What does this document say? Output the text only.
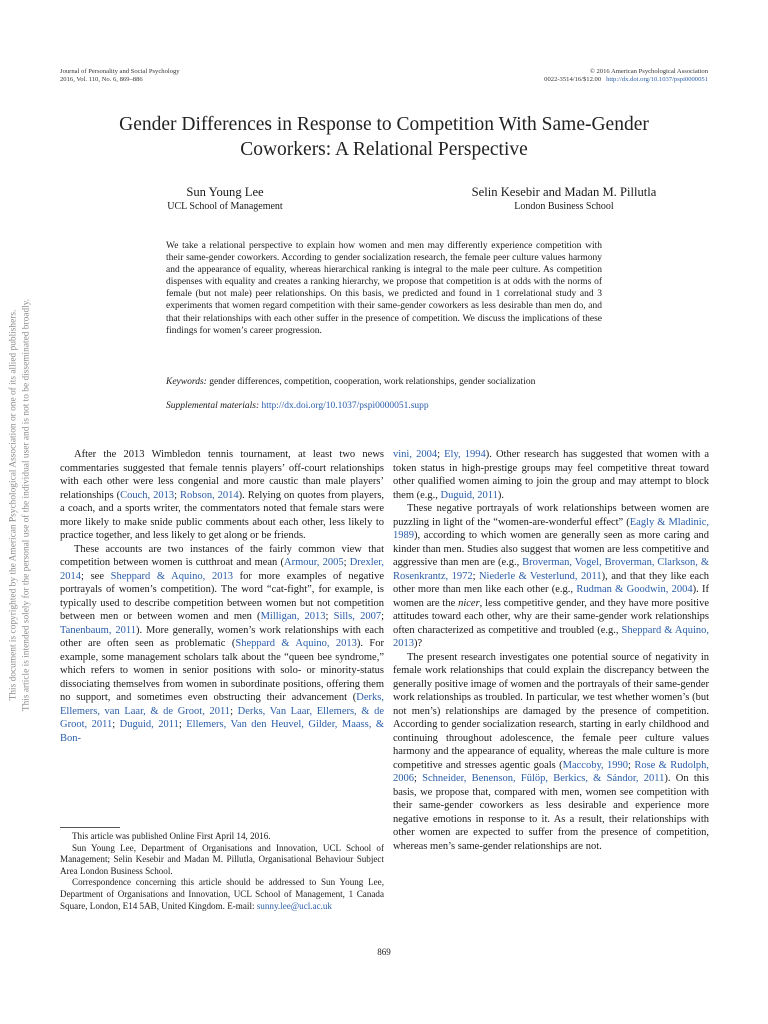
Journal of Personality and Social Psychology
2016, Vol. 110, No. 6, 869–886
© 2016 American Psychological Association
0022-3514/16/$12.00 http://dx.doi.org/10.1037/pspi0000051
Gender Differences in Response to Competition With Same-Gender
Coworkers: A Relational Perspective
Sun Young Lee
UCL School of Management
Selin Kesebir and Madan M. Pillutla
London Business School

We take a relational perspective to explain how women and men may differently experience competition with their same-gender coworkers. According to gender socialization research, the female peer culture values harmony and the appearance of equality, whereas hierarchical ranking is integral to the male peer culture. As competition dispenses with equality and creates a ranking hierarchy, we propose that competition is at odds with the norms of female (but not male) peer relationships. On this basis, we predicted and found in 1 correlational study and 3 experiments that women regard competition with their same-gender coworkers as less desirable than men do, and that their relationships with each other suffer in the presence of competition. We discuss the implications of these findings for women’s career progression.

Keywords: gender differences, competition, cooperation, work relationships, gender socialization
Supplemental materials: http://dx.doi.org/10.1037/pspi0000051.supp

After the 2013 Wimbledon tennis tournament, at least two news commentaries suggested that female tennis players’ off-court relationships with each other were less congenial and more caustic than male players’ relationships (Couch, 2013; Robson, 2014). Relying on quotes from players, a coach, and a sports writer, the commentators noted that female stars were more likely to make snide public comments about each other, less likely to practice together, and less likely to get along or be friends.

These accounts are two instances of the fairly common view that competition between women is cutthroat and mean (Armour, 2005; Drexler, 2014; see Sheppard & Aquino, 2013 for more examples of negative portrayals of women’s competition). The word “cat-fight”, for example, is typically used to describe competition between women but not competition between men or between women and men (Milligan, 2013; Sills, 2007; Tanenbaum, 2011). More generally, women’s work relationships with each other are often seen as problematic (Sheppard & Aquino, 2013). For example, some management scholars talk about the “queen bee syndrome,” which refers to women in senior positions with solo- or minority-status dissociating themselves from women in subordinate positions, offering them no support, and sometimes even obstructing their advancement (Derks, Ellemers, van Laar, & de Groot, 2011; Derks, Van Laar, Ellemers, & de Groot, 2011; Duguid, 2011; Ellemers, Van den Heuvel, Gilder, Maass, & Bon-

vini, 2004; Ely, 1994). Other research has suggested that women with a token status in high-prestige groups may feel competitive threat toward other qualified women aiming to join the group and may attempt to block them (e.g., Duguid, 2011).

These negative portrayals of work relationships between women are puzzling in light of the “women-are-wonderful effect” (Eagly & Mladinic, 1989), according to which women are generally seen as more caring and kinder than men. Studies also suggest that women are less competitive and aggressive than men are (e.g., Broverman, Vogel, Broverman, Clarkson, & Rosenkrantz, 1972; Niederle & Vesterlund, 2011), and that they like each other more than men like each other (e.g., Rudman & Goodwin, 2004). If women are the nicer, less competitive gender, and they have more positive attitudes toward each other, why are their same-gender work relationships often characterized as competitive and troubled (e.g., Sheppard & Aquino, 2013)?

The present research investigates one potential source of negativity in female work relationships that could explain the discrepancy between the generally positive image of women and the portrayals of their same-gender work relationships as troubled. In particular, we test whether women’s (but not men’s) relationships are damaged by the presence of competition. According to gender socialization research, starting in early childhood and continuing throughout adolescence, the female peer culture values harmony and the appearance of equality, whereas the male culture is more competitive and stresses agentic goals (Maccoby, 1990; Rose & Rudolph, 2006; Schneider, Benenson, Fülöp, Berkics, & Sándor, 2011). On this basis, we propose that, compared with men, women see competition with their same-gender coworkers as less desirable and experience more negative emotions in response to it. As a result, their relationships with other women are expected to suffer from the presence of competition, whereas men’s same-gender relationships are not.

This article was published Online First April 14, 2016.

Sun Young Lee, Department of Organisations and Innovation, UCL School of Management; Selin Kesebir and Madan M. Pillutla, Organisational Behaviour Subject Area London Business School.

Correspondence concerning this article should be addressed to Sun Young Lee, Department of Organisations and Innovation, UCL School of Management, 1 Canada Square, London, E14 5AB, United Kingdom. E-mail: sunny.lee@ucl.ac.uk

869
This document is copyrighted by the American Psychological Association or one of its allied publishers. This article is intended solely for the personal use of the individual user and is not to be disseminated broadly.
